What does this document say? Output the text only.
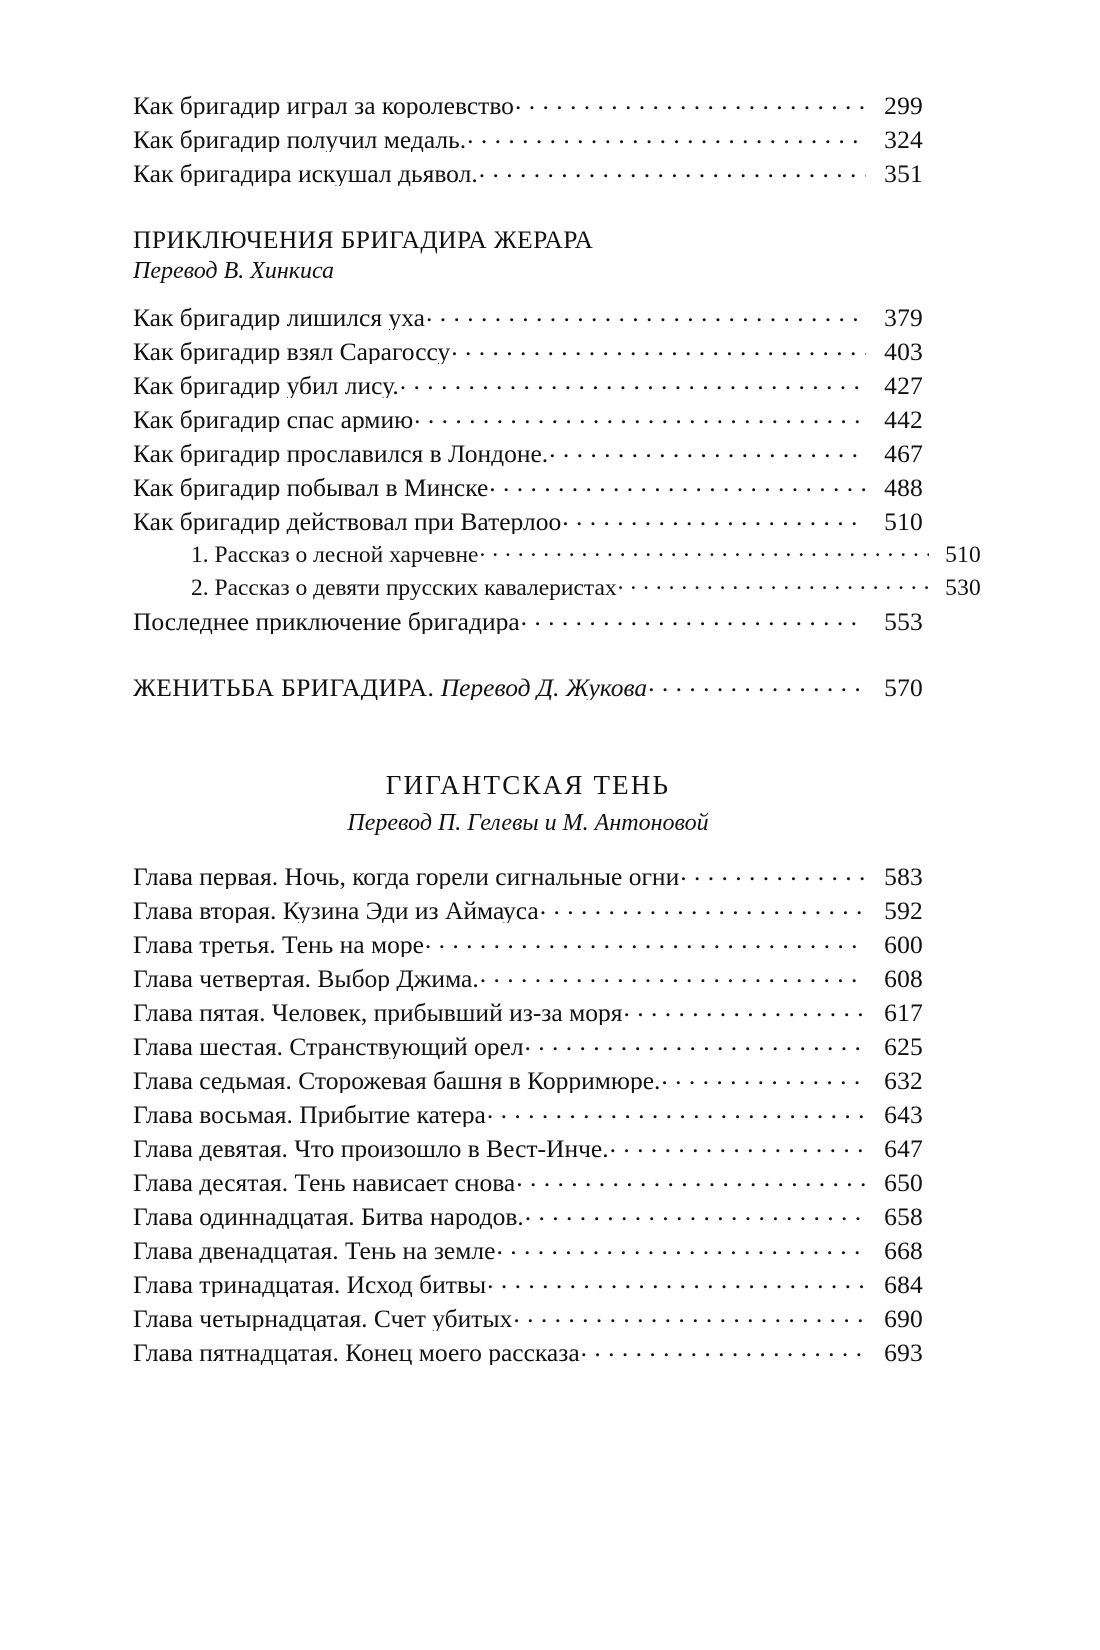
Как бригадир играл за королевство . . .	299
Как бригадир получил медаль. . . .	324
Как бригадира искушал дьявол. . . .	351
ПРИКЛЮЧЕНИЯ БРИГАДИРА ЖЕРАРА
Перевод В. Хинкиса
Как бригадир лишился уха . . .	379
Как бригадир взял Сарагоссу . . .	403
Как бригадир убил лису. . . .	427
Как бригадир спас армию . . .	442
Как бригадир прославился в Лондоне. . . .	467
Как бригадир побывал в Минске . . .	488
Как бригадир действовал при Ватерлоо . . .	510
1. Рассказ о лесной харчевне . . .	510
2. Рассказ о девяти прусских кавалеристах . . .	530
Последнее приключение бригадира . . .	553
ЖЕНИТЬБА БРИГАДИРА. Перевод Д. Жукова . . .	570
ГИГАНТСКАЯ ТЕНЬ
Перевод П. Гелевы и М. Антоновой
Глава первая. Ночь, когда горели сигнальные огни . . .	583
Глава вторая. Кузина Эди из Аймауса . . .	592
Глава третья. Тень на море . . .	600
Глава четвертая. Выбор Джима. . . .	608
Глава пятая. Человек, прибывший из-за моря . . .	617
Глава шестая. Странствующий орел . . .	625
Глава седьмая. Сторожевая башня в Корримюре. . . .	632
Глава восьмая. Прибытие катера . . .	643
Глава девятая. Что произошло в Вест-Инче. . . .	647
Глава десятая. Тень нависает снова . . .	650
Глава одиннадцатая. Битва народов. . . .	658
Глава двенадцатая. Тень на земле . . .	668
Глава тринадцатая. Исход битвы . . .	684
Глава четырнадцатая. Счет убитых . . .	690
Глава пятнадцатая. Конец моего рассказа . . .	693
